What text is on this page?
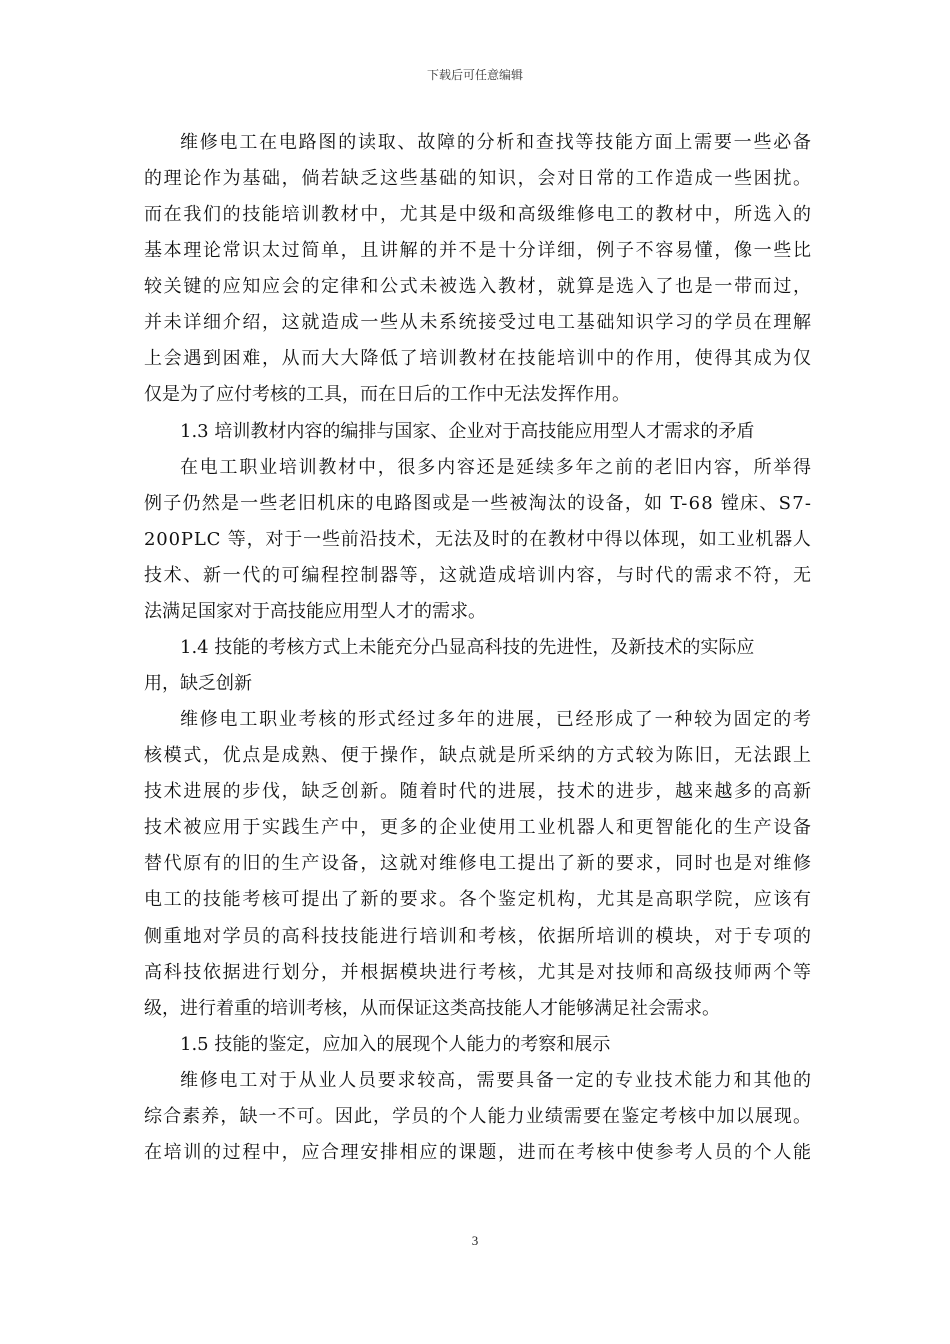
下载后可任意编辑
维修电工在电路图的读取、故障的分析和查找等技能方面上需要一些必备
的理论作为基础，倘若缺乏这些基础的知识，会对日常的工作造成一些困扰。
而在我们的技能培训教材中，尤其是中级和高级维修电工的教材中，所选入的
基本理论常识太过简单，且讲解的并不是十分详细，例子不容易懂，像一些比
较关键的应知应会的定律和公式未被选入教材，就算是选入了也是一带而过，
并未详细介绍，这就造成一些从未系统接受过电工基础知识学习的学员在理解
上会遇到困难，从而大大降低了培训教材在技能培训中的作用，使得其成为仅
仅是为了应付考核的工具，而在日后的工作中无法发挥作用。
1.3 培训教材内容的编排与国家、企业对于高技能应用型人才需求的矛盾
在电工职业培训教材中，很多内容还是延续多年之前的老旧内容，所举得
例子仍然是一些老旧机床的电路图或是一些被淘汰的设备，如 T-68 镗床、S7-
200PLC 等，对于一些前沿技术，无法及时的在教材中得以体现，如工业机器人
技术、新一代的可编程控制器等，这就造成培训内容，与时代的需求不符，无
法满足国家对于高技能应用型人才的需求。
1.4 技能的考核方式上未能充分凸显高科技的先进性，及新技术的实际应
用，缺乏创新
维修电工职业考核的形式经过多年的进展，已经形成了一种较为固定的考
核模式，优点是成熟、便于操作，缺点就是所采纳的方式较为陈旧，无法跟上
技术进展的步伐，缺乏创新。随着时代的进展，技术的进步，越来越多的高新
技术被应用于实践生产中，更多的企业使用工业机器人和更智能化的生产设备
替代原有的旧的生产设备，这就对维修电工提出了新的要求，同时也是对维修
电工的技能考核可提出了新的要求。各个鉴定机构，尤其是高职学院，应该有
侧重地对学员的高科技技能进行培训和考核，依据所培训的模块，对于专项的
高科技依据进行划分，并根据模块进行考核，尤其是对技师和高级技师两个等
级，进行着重的培训考核，从而保证这类高技能人才能够满足社会需求。
1.5 技能的鉴定，应加入的展现个人能力的考察和展示
维修电工对于从业人员要求较高，需要具备一定的专业技术能力和其他的
综合素养，缺一不可。因此，学员的个人能力业绩需要在鉴定考核中加以展现。
在培训的过程中，应合理安排相应的课题，进而在考核中使参考人员的个人能
3
